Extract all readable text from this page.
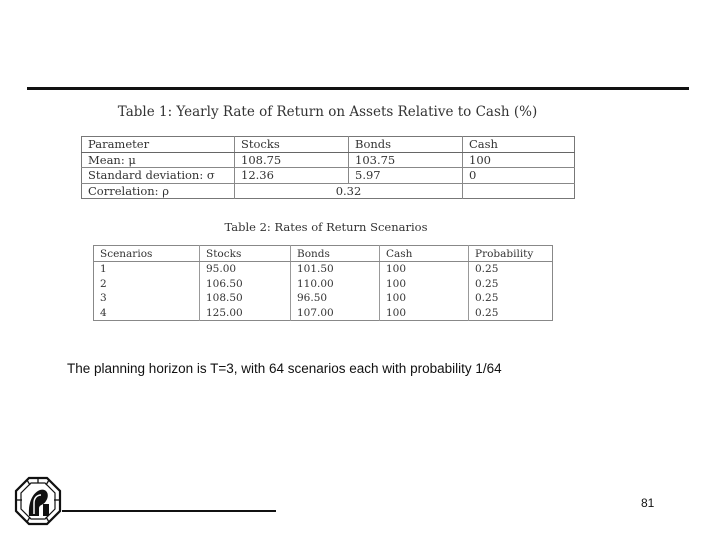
Table 1: Yearly Rate of Return on Assets Relative to Cash (%)
Parameter	Stocks	Bonds	Cash
Mean: μ	108.75	103.75	100
Standard deviation: σ	12.36	5.97	0
Correlation: ρ	0.32		
Table 2: Rates of Return Scenarios
Scenarios	Stocks	Bonds	Cash	Probability
1	95.00	101.50	100	0.25
2	106.50	110.00	100	0.25
3	108.50	96.50	100	0.25
4	125.00	107.00	100	0.25
The planning horizon is T=3, with 64 scenarios each with probability 1/64
81
